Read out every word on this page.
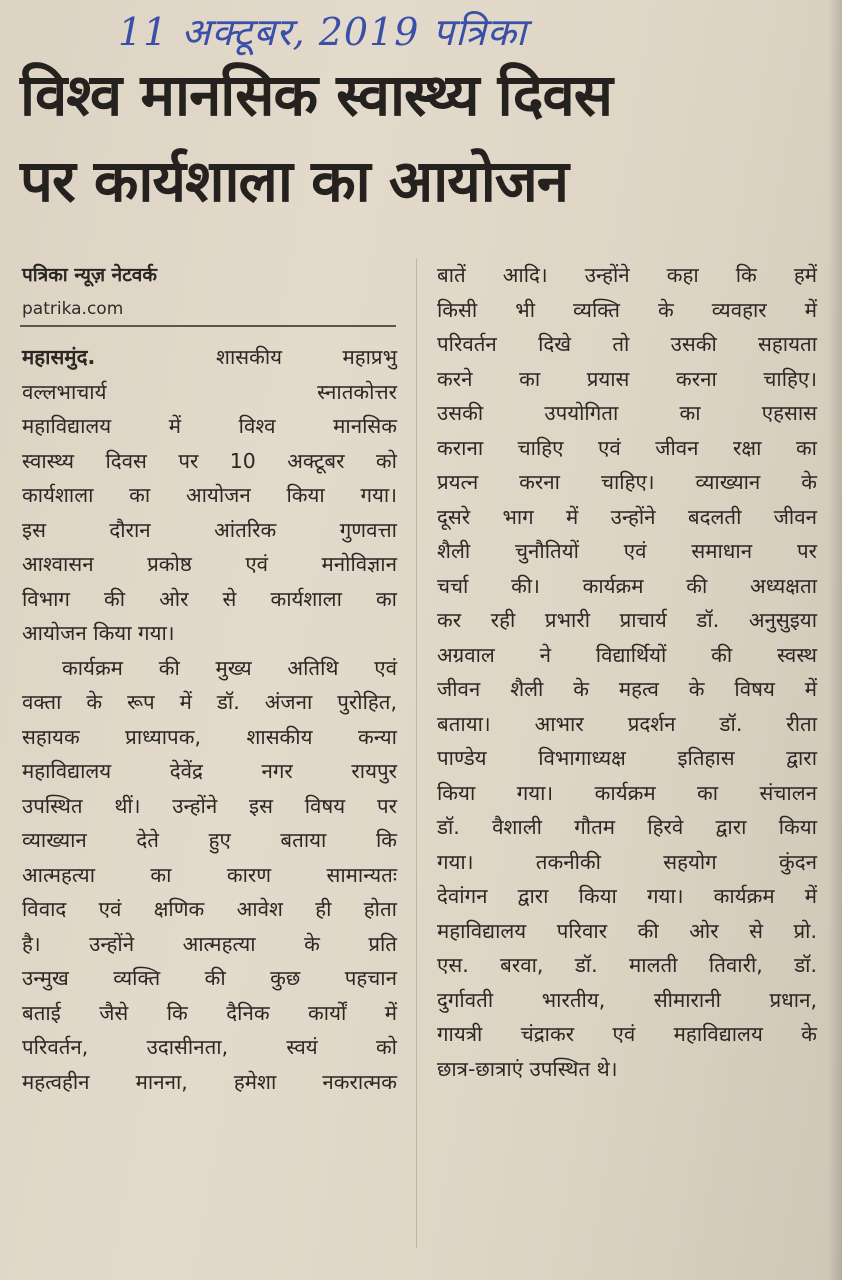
11 अक्टूबर, 2019 पत्रिका
विश्व मानसिक स्वास्थ्य दिवस
पर कार्यशाला का आयोजन
पत्रिका न्यूज़ नेटवर्क
patrika.com
महासमुंद.	शासकीय महाप्रभु
वल्लभाचार्य स्नातकोत्तर
महाविद्यालय में विश्व मानसिक
स्वास्थ्य दिवस पर 10 अक्टूबर को
कार्यशाला का आयोजन किया गया।
इस दौरान आंतरिक गुणवत्ता
आश्वासन प्रकोष्ठ एवं मनोविज्ञान
विभाग की ओर से कार्यशाला का
आयोजन किया गया।
कार्यक्रम की मुख्य अतिथि एवं
वक्ता के रूप में डॉ. अंजना पुरोहित,
सहायक प्राध्यापक, शासकीय कन्या
महाविद्यालय देवेंद्र नगर रायपुर
उपस्थित थीं। उन्होंने इस विषय पर
व्याख्यान देते हुए बताया कि
आत्महत्या का कारण सामान्यतः
विवाद एवं क्षणिक आवेश ही होता
है। उन्होंने आत्महत्या के प्रति
उन्मुख व्यक्ति की कुछ पहचान
बताई जैसे कि दैनिक कार्यों में
परिवर्तन, उदासीनता, स्वयं को
महत्वहीन मानना, हमेशा नकरात्मक
बातें आदि। उन्होंने कहा कि हमें
किसी भी व्यक्ति के व्यवहार में
परिवर्तन दिखे तो उसकी सहायता
करने का प्रयास करना चाहिए।
उसकी उपयोगिता का एहसास
कराना चाहिए एवं जीवन रक्षा का
प्रयत्न करना चाहिए। व्याख्यान के
दूसरे भाग में उन्होंने बदलती जीवन
शैली चुनौतियों एवं समाधान पर
चर्चा की। कार्यक्रम की अध्यक्षता
कर रही प्रभारी प्राचार्य डॉ. अनुसुइया
अग्रवाल ने विद्यार्थियों की स्वस्थ
जीवन शैली के महत्व के विषय में
बताया। आभार प्रदर्शन डॉ. रीता
पाण्डेय विभागाध्यक्ष इतिहास द्वारा
किया गया। कार्यक्रम का संचालन
डॉ. वैशाली गौतम हिरवे द्वारा किया
गया। तकनीकी सहयोग कुंदन
देवांगन द्वारा किया गया। कार्यक्रम में
महाविद्यालय परिवार की ओर से प्रो.
एस. बरवा, डॉ. मालती तिवारी, डॉ.
दुर्गावती भारतीय, सीमारानी प्रधान,
गायत्री चंद्राकर एवं महाविद्यालय के
छात्र-छात्राएं उपस्थित थे।
